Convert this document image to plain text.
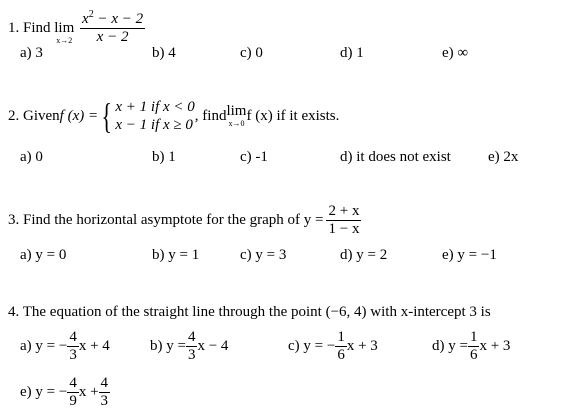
1. Find lim
x→2
$\frac{x^2 - x - 2}{x - 2}$
a) 3	b) 4	c) 0	d) 1	e) ∞
2. Given f (x) = { x + 1 if x < 0
x − 1 if x ≥ 0
, find lim
x→0 f (x) if it exists.
a) 0	b) 1	c) -1	d) it does not exist e) 2x
3. Find the horizontal asymptote for the graph of $y = \frac{2 + x}{1 - x}$
a) y = 0	b) y = 1	c) y = 3	d) y = 2	e) y = −1
4. The equation of the straight line through the point (−6, 4) with x-intercept 3 is
a) y = − $\frac{4}{3}$ x + 4	b) $y = \frac{4}{3}$ x − 4	c) y = − $\frac{1}{6}$ x + 3	d) $y = \frac{1}{6}$ x + 3
e) y = − $\frac{4}{9}$ $x + \frac{4}{3}$
